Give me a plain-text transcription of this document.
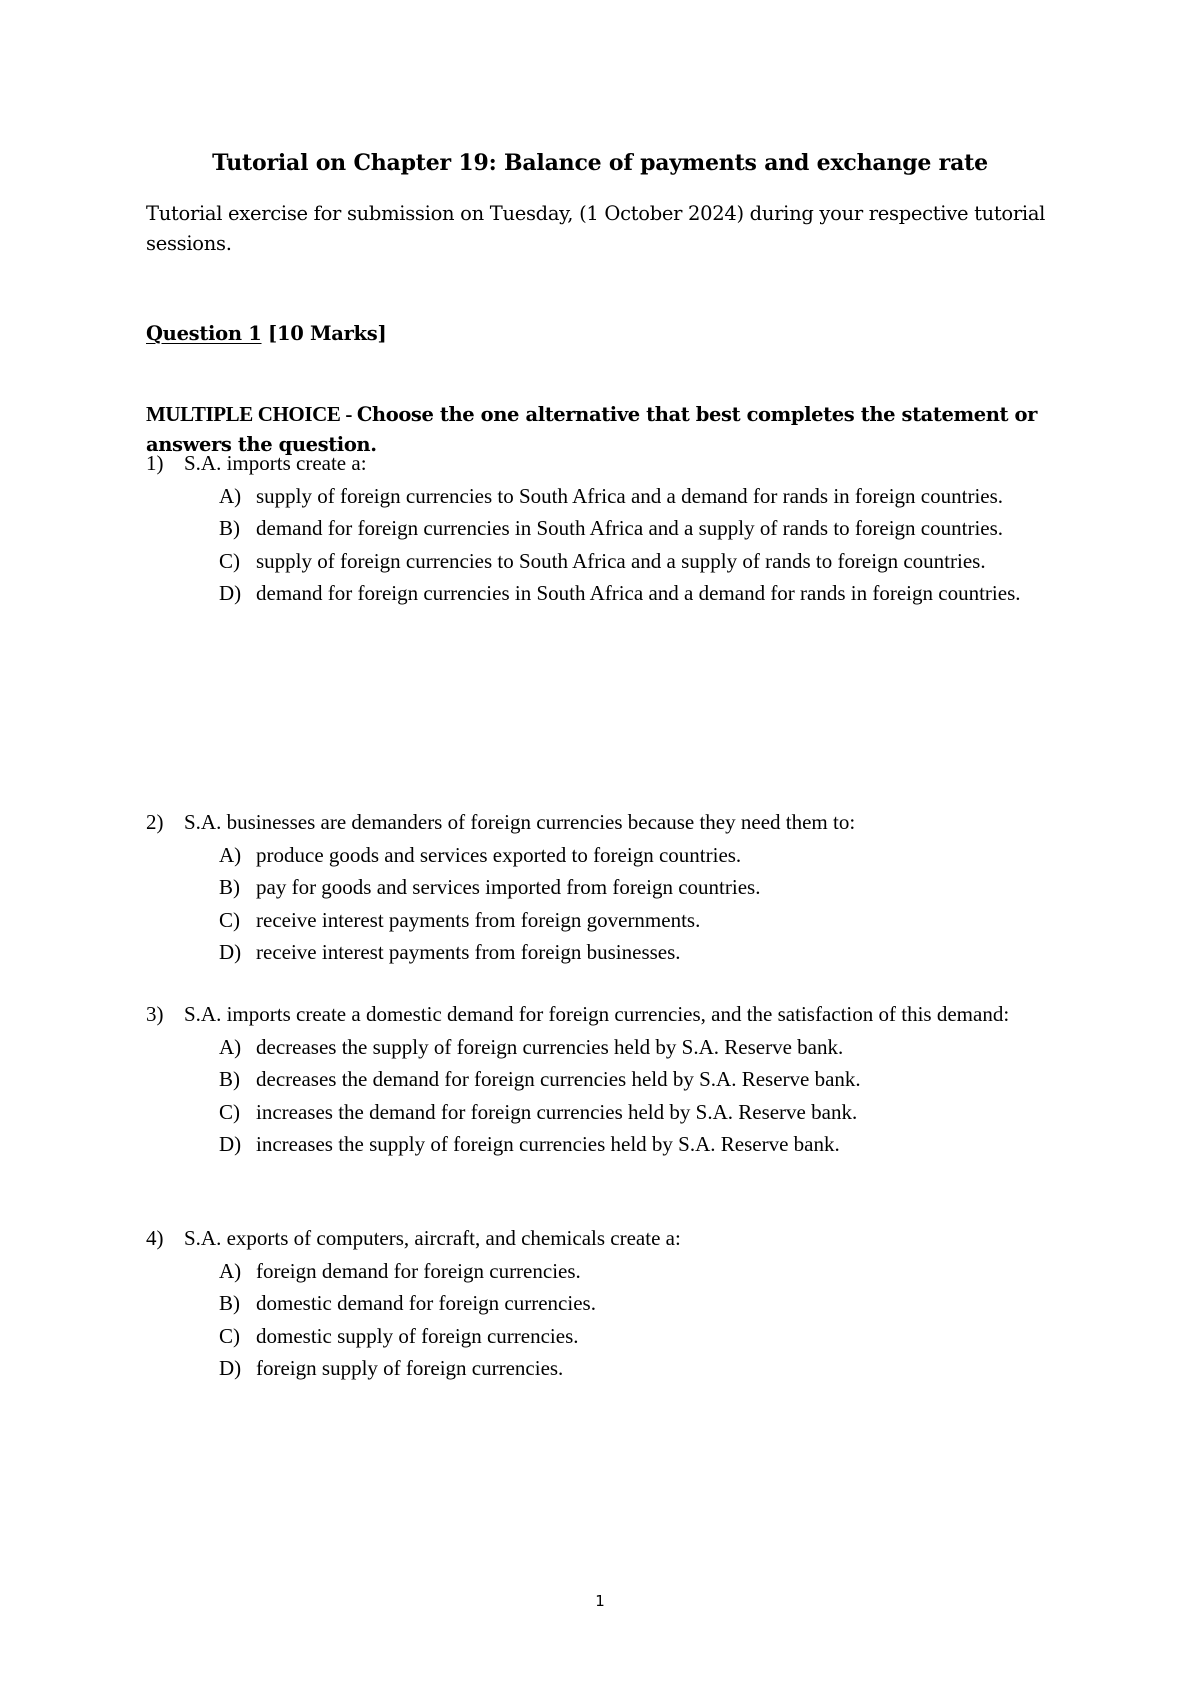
Tutorial on Chapter 19: Balance of payments and exchange rate
Tutorial exercise for submission on Tuesday, (1 October 2024) during your respective tutorial sessions.
Question 1 [10 Marks]
MULTIPLE CHOICE - Choose the one alternative that best completes the statement or answers the question.
1) S.A. imports create a:
A) supply of foreign currencies to South Africa and a demand for rands in foreign countries.
B) demand for foreign currencies in South Africa and a supply of rands to foreign countries.
C) supply of foreign currencies to South Africa and a supply of rands to foreign countries.
D) demand for foreign currencies in South Africa and a demand for rands in foreign countries.
2) S.A. businesses are demanders of foreign currencies because they need them to:
A) produce goods and services exported to foreign countries.
B) pay for goods and services imported from foreign countries.
C) receive interest payments from foreign governments.
D) receive interest payments from foreign businesses.
3) S.A. imports create a domestic demand for foreign currencies, and the satisfaction of this demand:
A) decreases the supply of foreign currencies held by S.A. Reserve bank.
B) decreases the demand for foreign currencies held by S.A. Reserve bank.
C) increases the demand for foreign currencies held by S.A. Reserve bank.
D) increases the supply of foreign currencies held by S.A. Reserve bank.
4) S.A. exports of computers, aircraft, and chemicals create a:
A) foreign demand for foreign currencies.
B) domestic demand for foreign currencies.
C) domestic supply of foreign currencies.
D) foreign supply of foreign currencies.
1
